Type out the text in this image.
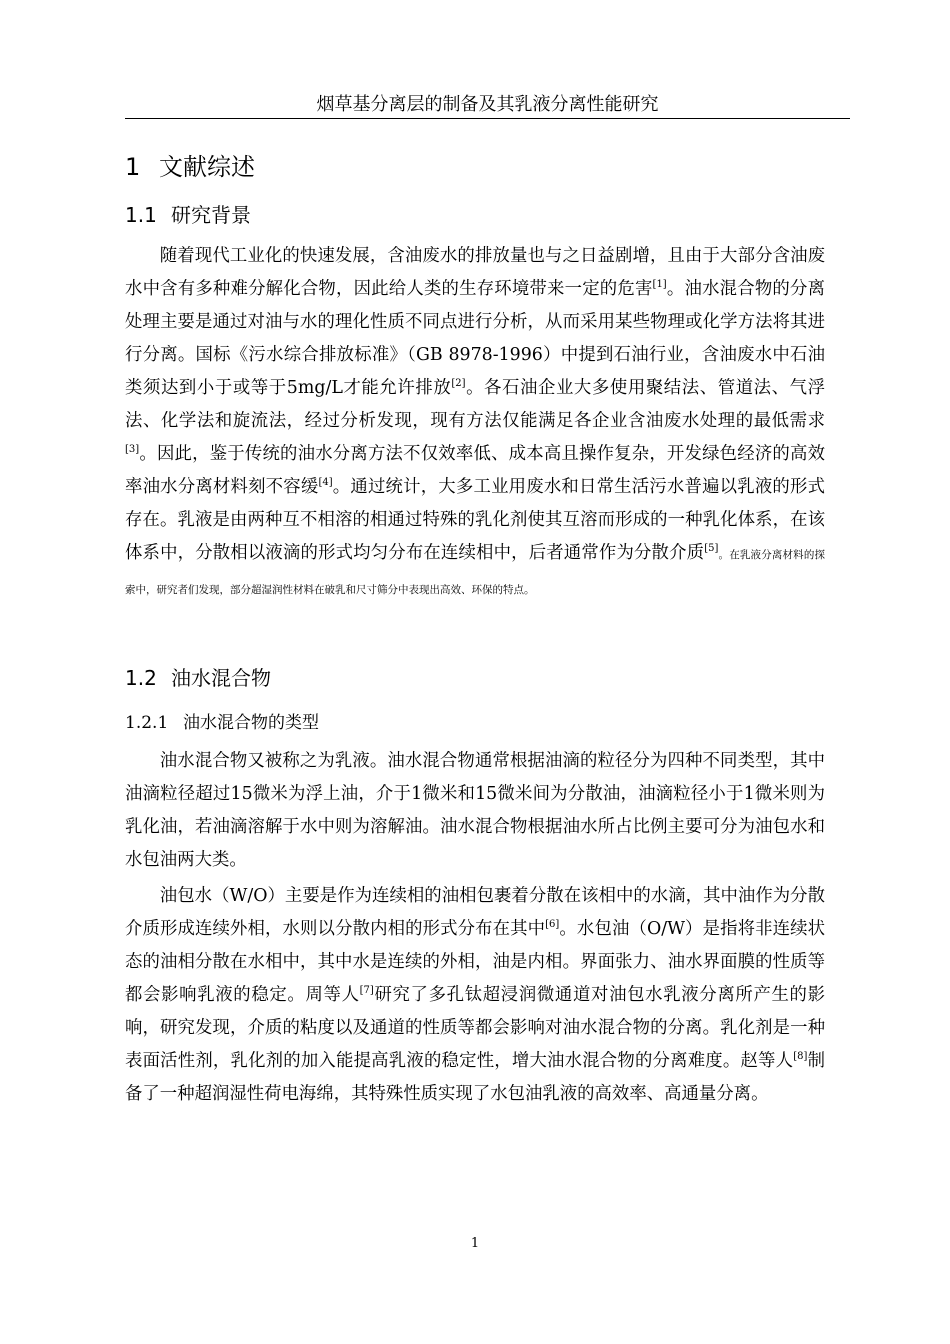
烟草基分离层的制备及其乳液分离性能研究
1 文献综述
1.1 研究背景

随着现代工业化的快速发展，含油废水的排放量也与之日益剧增，且由于大部分含油废水中含有多种难分解化合物，因此给人类的生存环境带来一定的危害[1]。油水混合物的分离处理主要是通过对油与水的理化性质不同点进行分析，从而采用某些物理或化学方法将其进行分离。国标《污水综合排放标准》（GB 8978-1996）中提到石油行业，含油废水中石油类须达到小于或等于5mg/L才能允许排放[2]。各石油企业大多使用聚结法、管道法、气浮法、化学法和旋流法，经过分析发现，现有方法仅能满足各企业含油废水处理的最低需求[3]。因此，鉴于传统的油水分离方法不仅效率低、成本高且操作复杂，开发绿色经济的高效率油水分离材料刻不容缓[4]。通过统计，大多工业用废水和日常生活污水普遍以乳液的形式存在。乳液是由两种互不相溶的相通过特殊的乳化剂使其互溶而形成的一种乳化体系，在该体系中，分散相以液滴的形式均匀分布在连续相中，后者通常作为分散介质[5]。在乳液分离材料的探索中，研究者们发现，部分超湿润性材料在破乳和尺寸筛分中表现出高效、环保的特点。

1.2 油水混合物
1.2.1 油水混合物的类型

油水混合物又被称之为乳液。油水混合物通常根据油滴的粒径分为四种不同类型，其中油滴粒径超过15微米为浮上油，介于1微米和15微米间为分散油，油滴粒径小于1微米则为乳化油，若油滴溶解于水中则为溶解油。油水混合物根据油水所占比例主要可分为油包水和水包油两大类。

油包水（W/O）主要是作为连续相的油相包裹着分散在该相中的水滴，其中油作为分散介质形成连续外相，水则以分散内相的形式分布在其中[6]。水包油（O/W）是指将非连续状态的油相分散在水相中，其中水是连续的外相，油是内相。界面张力、油水界面膜的性质等都会影响乳液的稳定。周等人[7]研究了多孔钛超浸润微通道对油包水乳液分离所产生的影响，研究发现，介质的粘度以及通道的性质等都会影响对油水混合物的分离。乳化剂是一种表面活性剂，乳化剂的加入能提高乳液的稳定性，增大油水混合物的分离难度。赵等人[8]制备了一种超润湿性荷电海绵，其特殊性质实现了水包油乳液的高效率、高通量分离。

1
